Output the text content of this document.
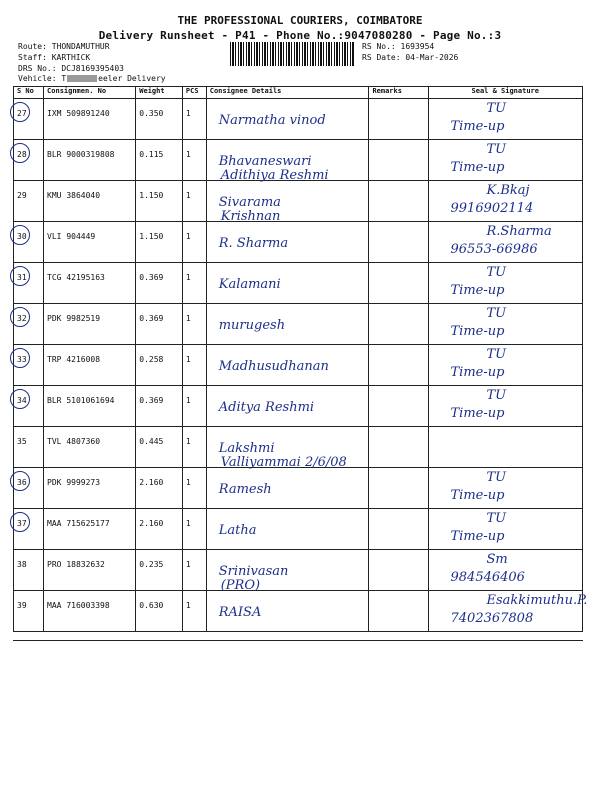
THE PROFESSIONAL COURIERS, COIMBATORE
Delivery Runsheet - P41 - Phone No.:9047080280 - Page No.:3
Route: THONDAMUTHUR
Staff: KARTHICK
DRS No.: DCJ8169395403
Vehicle: T	eeler Delivery
RS No.: 1693954
RS Date: 04-Mar-2026
S No	Consignmen. No	Weight	PCS	Consignee Details	Remarks	Seal & Signature
27	IXM 509891240	0.350	1	Narmatha vinod		TU
Time-up

28	BLR 9000319808	0.115	1	Bhavaneswari
Adithiya Reshmi		TU
Time-up

29	KMU 3864040	1.150	1	Sivarama
Krishnan		K.Bkaj
9916902114

30	VLI 904449	1.150	1	R. Sharma		R.Sharma
96553-66986

31	TCG 42195163	0.369	1	Kalamani		TU
Time-up

32	PDK 9982519	0.369	1	murugesh		TU
Time-up

33	TRP 4216008	0.258	1	Madhusudhanan		TU
Time-up

34	BLR 5101061694	0.369	1	Aditya Reshmi		TU
Time-up

35	TVL 4807360	0.445	1	Lakshmi
Valliyammai 2/6/08		

36	PDK 9999273	2.160	1	Ramesh		TU
Time-up

37	MAA 715625177	2.160	1	Latha		TU
Time-up

38	PRO 18832632	0.235	1	Srinivasan
(PRO)		Sm
984546406

39	MAA 716003398	0.630	1	RAISA		Esakkimuthu.P.
7402367808
